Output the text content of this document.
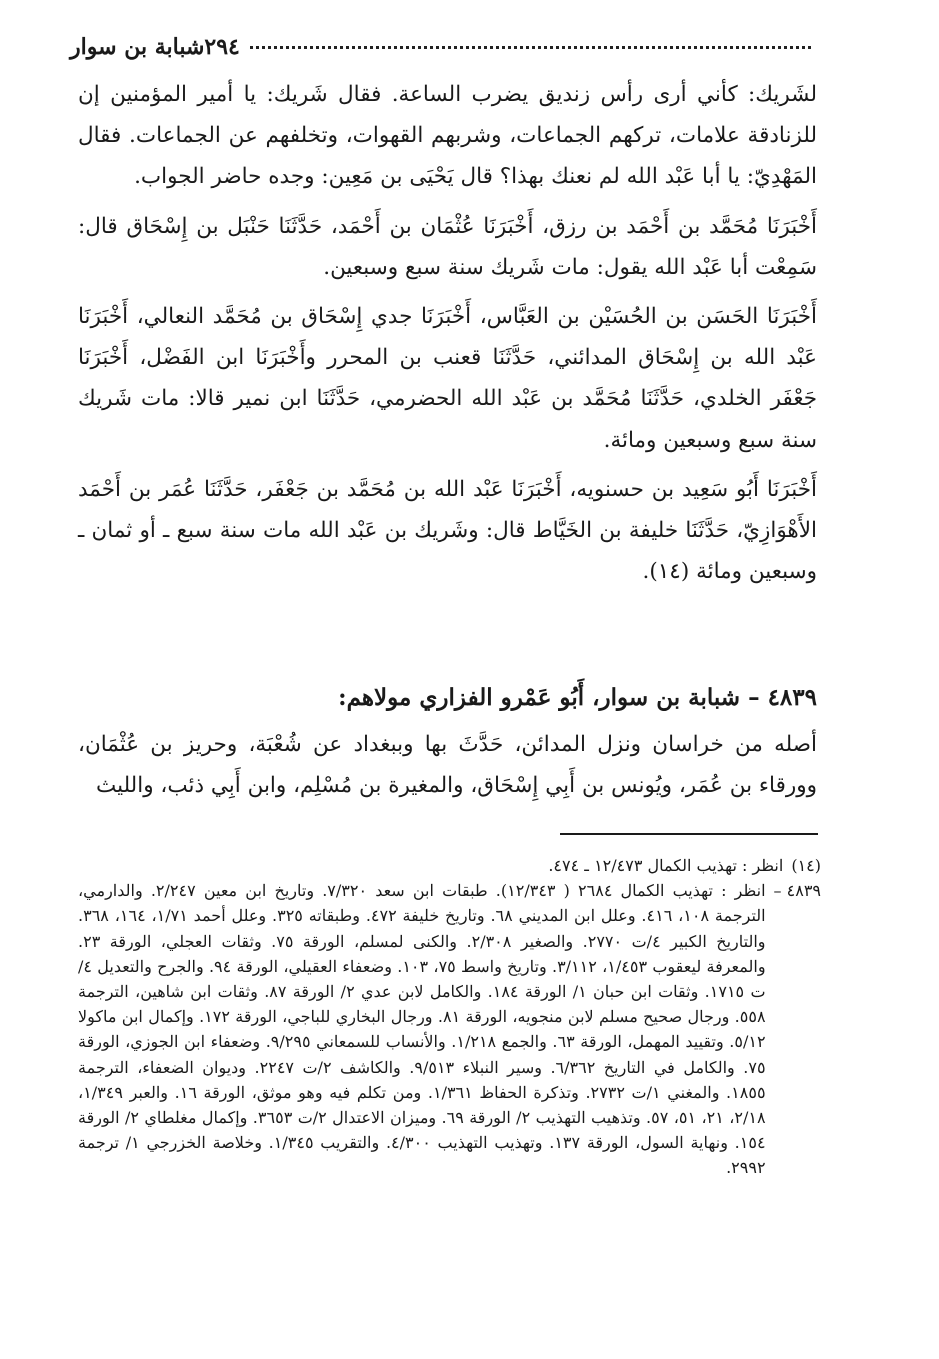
شبابة بن سوار ٢٩٤

لشَريك: كأني أرى رأس زنديق يضرب الساعة. فقال شَريك: يا أمير المؤمنين إن للزنادقة علامات، تركهم الجماعات، وشربهم القهوات، وتخلفهم عن الجماعات. فقال المَهْدِيّ: يا أبا عَبْد الله لم نعنك بهذا؟ قال يَحْيَى بن مَعِين: وجده حاضر الجواب.

أَخْبَرَنَا مُحَمَّد بن أَحْمَد بن رزق، أَخْبَرَنَا عُثْمَان بن أَحْمَد، حَدَّثَنَا حَنْبَل بن إِسْحَاق قال: سَمِعْت أبا عَبْد الله يقول: مات شَريك سنة سبع وسبعين.

أَخْبَرَنَا الحَسَن بن الحُسَيْن بن العَبَّاس، أَخْبَرَنَا جدي إِسْحَاق بن مُحَمَّد النعالي، أَخْبَرَنَا عَبْد الله بن إِسْحَاق المدائني، حَدَّثَنَا قعنب بن المحرر وأَخْبَرَنَا ابن الفَضْل، أَخْبَرَنَا جَعْفَر الخلدي، حَدَّثَنَا مُحَمَّد بن عَبْد الله الحضرمي، حَدَّثَنَا ابن نمير قالا: مات شَريك سنة سبع وسبعين ومائة.

أَخْبَرَنَا أَبُو سَعِيد بن حسنويه، أَخْبَرَنَا عَبْد الله بن مُحَمَّد بن جَعْفَر، حَدَّثَنَا عُمَر بن أَحْمَد الأَهْوَازِيّ، حَدَّثَنَا خليفة بن الخَيَّاط قال: وشَريك بن عَبْد الله مات سنة سبع ـ أو ثمان ـ وسبعين ومائة (١٤).

٤٨٣٩ – شبابة بن سوار، أَبُو عَمْرو الفزاري مولاهم:

أصله من خراسان ونزل المدائن، حَدَّثَ بها وببغداد عن شُعْبَة، وحريز بن عُثْمَان، وورقاء بن عُمَر، ويُونس بن أَبِي إِسْحَاق، والمغيرة بن مُسْلِم، وابن أَبِي ذئب، والليث

(١٤)
انظر : تهذيب الكمال ١٢/٤٧٣ ـ ٤٧٤.
٤٨٣٩ –
انظر : تهذيب الكمال ٢٦٨٤ ( ١٢/٣٤٣). طبقات ابن سعد ٧/٣٢٠. وتاريخ ابن معين ٢/٢٤٧. والدارمي، الترجمة ١٠٨، ٤١٦. وعلل ابن المديني ٦٨. وتاريخ خليفة ٤٧٢. وطبقاته ٣٢٥. وعلل أحمد ١/٧١، ١٦٤، ٣٦٨. والتاريخ الكبير ٤/ت ٢٧٧٠. والصغير ٢/٣٠٨. والكنى لمسلم، الورقة ٧٥. وثقات العجلي، الورقة ٢٣. والمعرفة ليعقوب ١/٤٥٣، ٣/١١٢. وتاريخ واسط ٧٥، ١٠٣. وضعفاء العقيلي، الورقة ٩٤. والجرح والتعديل ٤/ت ١٧١٥. وثقات ابن حبان ١/ الورقة ١٨٤. والكامل لابن عدي ٢/ الورقة ٨٧. وثقات ابن شاهين، الترجمة ٥٥٨. ورجال صحيح مسلم لابن منجويه، الورقة ٨١. ورجال البخاري للباجي، الورقة ١٧٢. وإكمال ابن ماكولا ٥/١٢. وتقييد المهمل، الورقة ٦٣. والجمع ١/٢١٨. والأنساب للسمعاني ٩/٢٩٥. وضعفاء ابن الجوزي، الورقة ٧٥. والكامل في التاريخ ٦/٣٦٢. وسير النبلاء ٩/٥١٣. والكاشف ٢/ت ٢٢٤٧. وديوان الضعفاء، الترجمة ١٨٥٥. والمغني ١/ت ٢٧٣٢. وتذكرة الحفاظ ١/٣٦١. ومن تكلم فيه وهو موثق، الورقة ١٦. والعبر ١/٣٤٩، ٢/١٨، ٢١، ٥١، ٥٧. وتذهيب التهذيب ٢/ الورقة ٦٩. وميزان الاعتدال ٢/ت ٣٦٥٣. وإكمال مغلطاي ٢/ الورقة ١٥٤. ونهاية السول، الورقة ١٣٧. وتهذيب التهذيب ٤/٣٠٠. والتقريب ١/٣٤٥. وخلاصة الخزرجي ١/ ترجمة ٢٩٩٢.
